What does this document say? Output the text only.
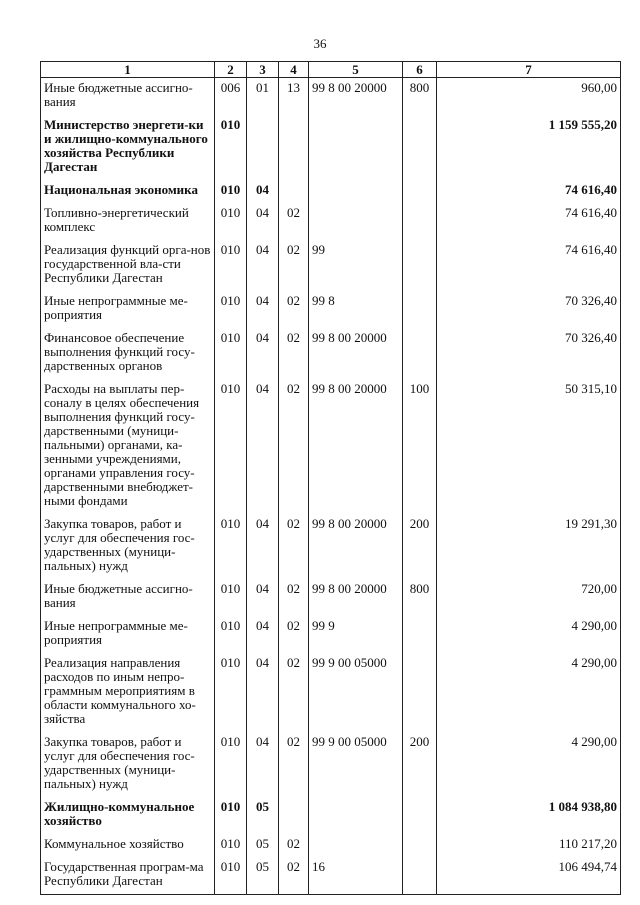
36
1	2	3	4	5	6	7
Иные бюджетные ассигно-вания	006	01	13	99 8 00 20000	800	960,00
Министерство энергети-ки и жилищно-коммунального хозяйства Республики Дагестан	010					1 159 555,20
Национальная экономика	010	04				74 616,40
Топливно-энергетический комплекс	010	04	02			74 616,40
Реализация функций орга-нов государственной вла-сти Республики Дагестан	010	04	02	99		74 616,40
Иные непрограммные ме-роприятия	010	04	02	99 8		70 326,40
Финансовое обеспечение выполнения функций госу-дарственных органов	010	04	02	99 8 00 20000		70 326,40
Расходы на выплаты пер-соналу в целях обеспечения выполнения функций госу-дарственными (муници-пальными) органами, ка-зенными учреждениями, органами управления госу-дарственными внебюджет-ными фондами	010	04	02	99 8 00 20000	100	50 315,10
Закупка товаров, работ и услуг для обеспечения гос-ударственных (муници-пальных) нужд	010	04	02	99 8 00 20000	200	19 291,30
Иные бюджетные ассигно-вания	010	04	02	99 8 00 20000	800	720,00
Иные непрограммные ме-роприятия	010	04	02	99 9		4 290,00
Реализация направления расходов по иным непро-граммным мероприятиям в области коммунального хо-зяйства	010	04	02	99 9 00 05000		4 290,00
Закупка товаров, работ и услуг для обеспечения гос-ударственных (муници-пальных) нужд	010	04	02	99 9 00 05000	200	4 290,00
Жилищно-коммунальное хозяйство	010	05				1 084 938,80
Коммунальное хозяйство	010	05	02			110 217,20
Государственная програм-ма Республики Дагестан	010	05	02	16		106 494,74
